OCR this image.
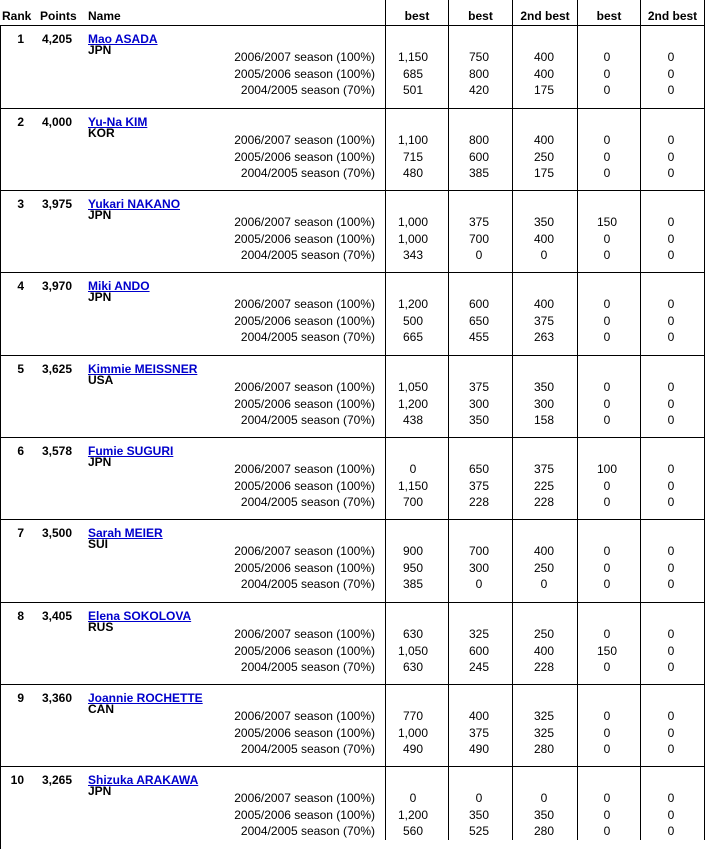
Rank Points Name	best	best	2nd best	best	2nd best
1	4,205 Mao ASADA
JPN	2006/2007 season (100%)	1,150	750	400	0	0
2005/2006 season (100%)	685	800	400	0	0
2004/2005 season (70%)	501	420	175	0	0
2	4,000 Yu-Na KIM
KOR	2006/2007 season (100%)	1,100	800	400	0	0
2005/2006 season (100%)	715	600	250	0	0
2004/2005 season (70%)	480	385	175	0	0
3	3,975 Yukari NAKANO
JPN	2006/2007 season (100%)	1,000	375	350	150	0
2005/2006 season (100%)	1,000	700	400	0	0
2004/2005 season (70%)	343	0	0	0	0
4	3,970 Miki ANDO
JPN	2006/2007 season (100%)	1,200	600	400	0	0
2005/2006 season (100%)	500	650	375	0	0
2004/2005 season (70%)	665	455	263	0	0
5	3,625 Kimmie MEISSNER
USA	2006/2007 season (100%)	1,050	375	350	0	0
2005/2006 season (100%)	1,200	300	300	0	0
2004/2005 season (70%)	438	350	158	0	0
6	3,578 Fumie SUGURI
JPN	2006/2007 season (100%)	0	650	375	100	0
2005/2006 season (100%)	1,150	375	225	0	0
2004/2005 season (70%)	700	228	228	0	0
7	3,500 Sarah MEIER
SUI	2006/2007 season (100%)	900	700	400	0	0
2005/2006 season (100%)	950	300	250	0	0
2004/2005 season (70%)	385	0	0	0	0
8	3,405 Elena SOKOLOVA
RUS	2006/2007 season (100%)	630	325	250	0	0
2005/2006 season (100%)	1,050	600	400	150	0
2004/2005 season (70%)	630	245	228	0	0
9	3,360 Joannie ROCHETTE
CAN	2006/2007 season (100%)	770	400	325	0	0
2005/2006 season (100%)	1,000	375	325	0	0
2004/2005 season (70%)	490	490	280	0	0
10	3,265 Shizuka ARAKAWA
JPN	2006/2007 season (100%)	0	0	0	0	0
2005/2006 season (100%)	1,200	350	350	0	0
2004/2005 season (70%)	560	525	280	0	0
